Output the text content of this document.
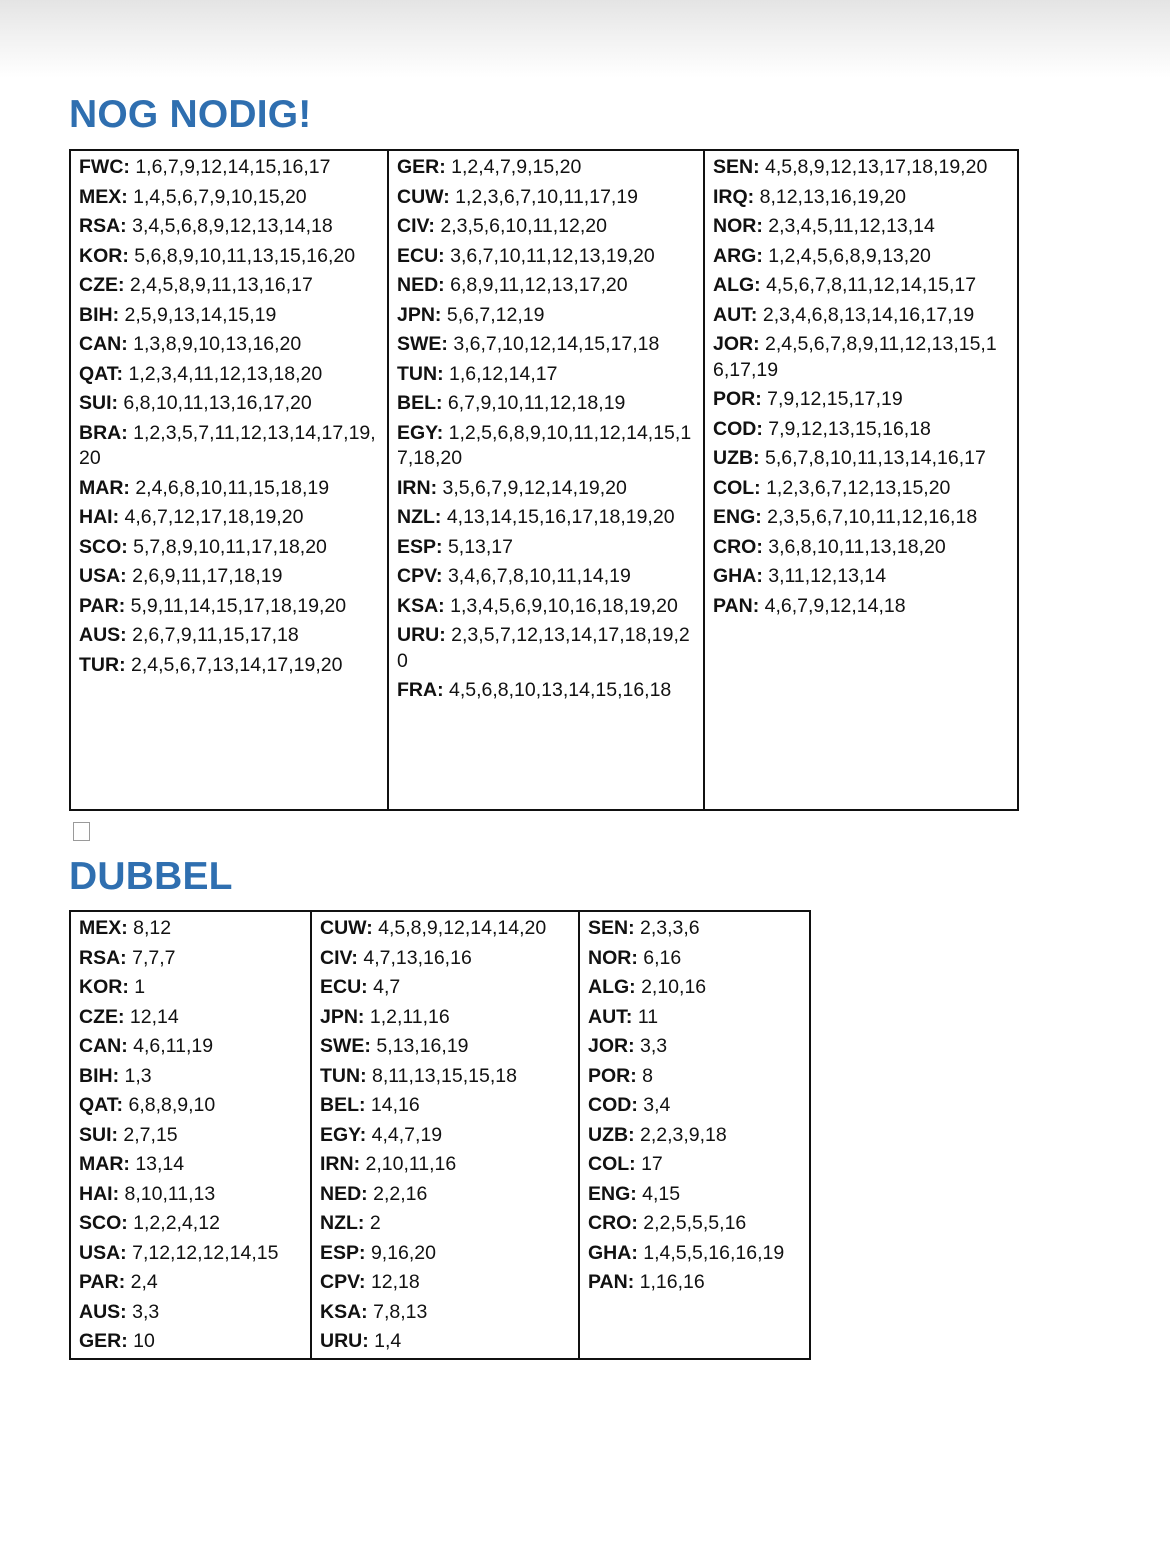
NOG NODIG!
FWC: 1,6,7,9,12,14,15,16,17
MEX: 1,4,5,6,7,9,10,15,20
RSA: 3,4,5,6,8,9,12,13,14,18
KOR: 5,6,8,9,10,11,13,15,16,20
CZE: 2,4,5,8,9,11,13,16,17
BIH: 2,5,9,13,14,15,19
CAN: 1,3,8,9,10,13,16,20
QAT: 1,2,3,4,11,12,13,18,20
SUI: 6,8,10,11,13,16,17,20
BRA: 1,2,3,5,7,11,12,13,14,17,19,20
MAR: 2,4,6,8,10,11,15,18,19
HAI: 4,6,7,12,17,18,19,20
SCO: 5,7,8,9,10,11,17,18,20
USA: 2,6,9,11,17,18,19
PAR: 5,9,11,14,15,17,18,19,20
AUS: 2,6,7,9,11,15,17,18
TUR: 2,4,5,6,7,13,14,17,19,20
GER: 1,2,4,7,9,15,20
CUW: 1,2,3,6,7,10,11,17,19
CIV: 2,3,5,6,10,11,12,20
ECU: 3,6,7,10,11,12,13,19,20
NED: 6,8,9,11,12,13,17,20
JPN: 5,6,7,12,19
SWE: 3,6,7,10,12,14,15,17,18
TUN: 1,6,12,14,17
BEL: 6,7,9,10,11,12,18,19
EGY: 1,2,5,6,8,9,10,11,12,14,15,17,18,20
IRN: 3,5,6,7,9,12,14,19,20
NZL: 4,13,14,15,16,17,18,19,20
ESP: 5,13,17
CPV: 3,4,6,7,8,10,11,14,19
KSA: 1,3,4,5,6,9,10,16,18,19,20
URU: 2,3,5,7,12,13,14,17,18,19,20
FRA: 4,5,6,8,10,13,14,15,16,18
SEN: 4,5,8,9,12,13,17,18,19,20
IRQ: 8,12,13,16,19,20
NOR: 2,3,4,5,11,12,13,14
ARG: 1,2,4,5,6,8,9,13,20
ALG: 4,5,6,7,8,11,12,14,15,17
AUT: 2,3,4,6,8,13,14,16,17,19
JOR: 2,4,5,6,7,8,9,11,12,13,15,16,17,19
POR: 7,9,12,15,17,19
COD: 7,9,12,13,15,16,18
UZB: 5,6,7,8,10,11,13,14,16,17
COL: 1,2,3,6,7,12,13,15,20
ENG: 2,3,5,6,7,10,11,12,16,18
CRO: 3,6,8,10,11,13,18,20
GHA: 3,11,12,13,14
PAN: 4,6,7,9,12,14,18
DUBBEL
MEX: 8,12
RSA: 7,7,7
KOR: 1
CZE: 12,14
CAN: 4,6,11,19
BIH: 1,3
QAT: 6,8,8,9,10
SUI: 2,7,15
MAR: 13,14
HAI: 8,10,11,13
SCO: 1,2,2,4,12
USA: 7,12,12,12,14,15
PAR: 2,4
AUS: 3,3
GER: 10
CUW: 4,5,8,9,12,14,14,20
CIV: 4,7,13,16,16
ECU: 4,7
JPN: 1,2,11,16
SWE: 5,13,16,19
TUN: 8,11,13,15,15,18
BEL: 14,16
EGY: 4,4,7,19
IRN: 2,10,11,16
NED: 2,2,16
NZL: 2
ESP: 9,16,20
CPV: 12,18
KSA: 7,8,13
URU: 1,4
SEN: 2,3,3,6
NOR: 6,16
ALG: 2,10,16
AUT: 11
JOR: 3,3
POR: 8
COD: 3,4
UZB: 2,2,3,9,18
COL: 17
ENG: 4,15
CRO: 2,2,5,5,5,16
GHA: 1,4,5,5,16,16,19
PAN: 1,16,16
